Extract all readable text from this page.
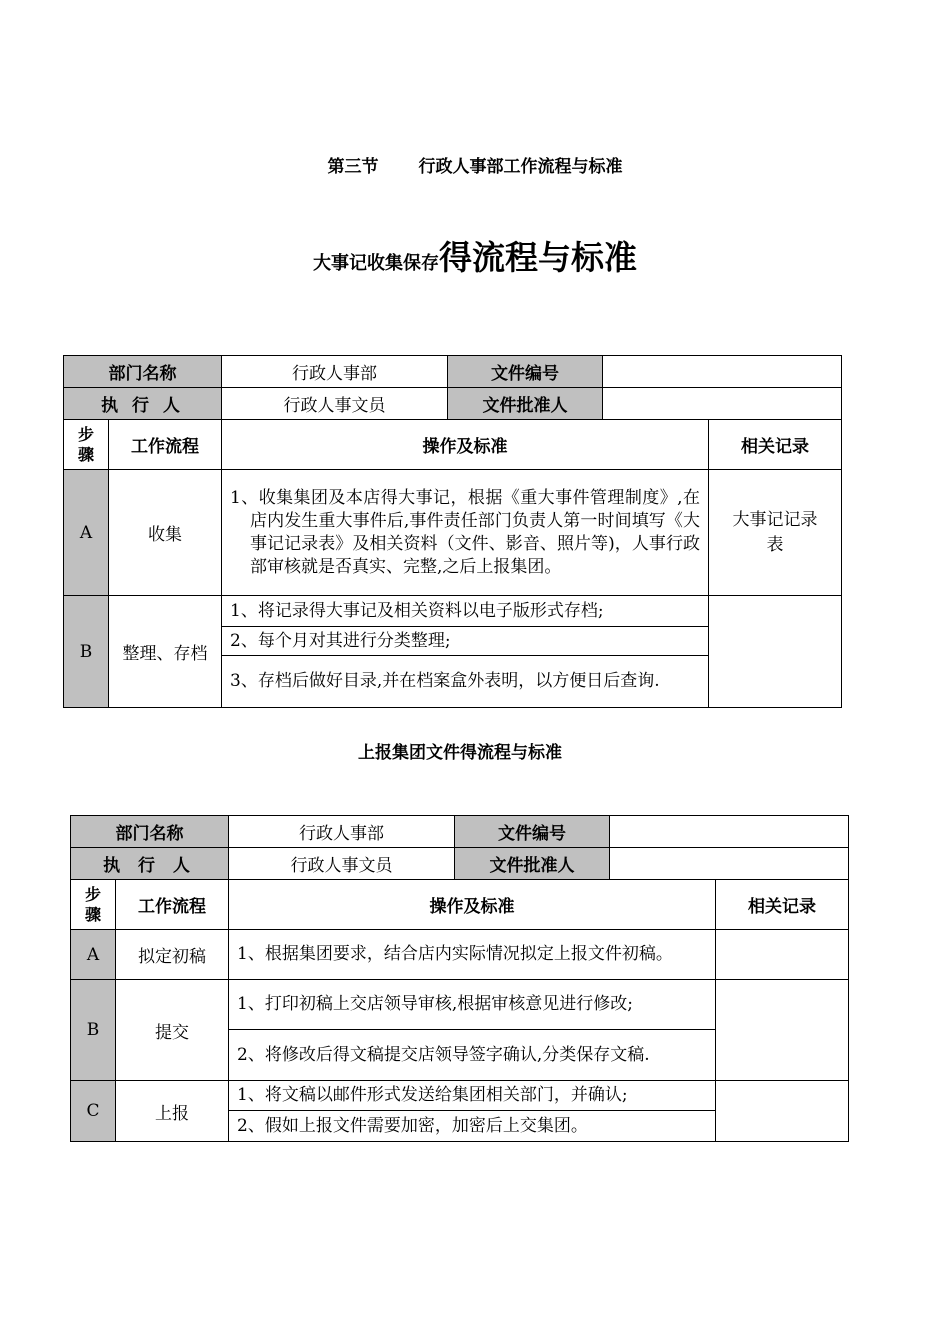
第三节 行政人事部工作流程与标准
大事记收集保存得流程与标准
部门名称		行政人事部	文件编号		
执 行 人		行政人事文员	文件批准人		
步骤	工作流程	操作及标准			相关记录
A	收集	1、收集集团及本店得大事记，根据《重大事件管理制度》,在店内发生重大事件后,事件责任部门负责人第一时间填写《大事记记录表》及相关资料（文件、影音、照片等)，人事行政部审核就是否真实、完整,之后上报集团。			大事记记录表
B	整理、存档	1、将记录得大事记及相关资料以电子版形式存档;			

		2、每个月对其进行分类整理;			

		3、存档后做好目录,并在档案盒外表明，以方便日后查询.			
上报集团文件得流程与标准
部门名称		行政人事部	文件编号		
执 行 人		行政人事文员	文件批准人		
步骤	工作流程	操作及标准			相关记录
A	拟定初稿	1、根据集团要求，结合店内实际情况拟定上报文件初稿。			

B	提交	1、打印初稿上交店领导审核,根据审核意见进行修改;			

		2、将修改后得文稿提交店领导签字确认,分类保存文稿.			

C	上报	1、将文稿以邮件形式发送给集团相关部门，并确认;			

		2、假如上报文件需要加密，加密后上交集团。			
